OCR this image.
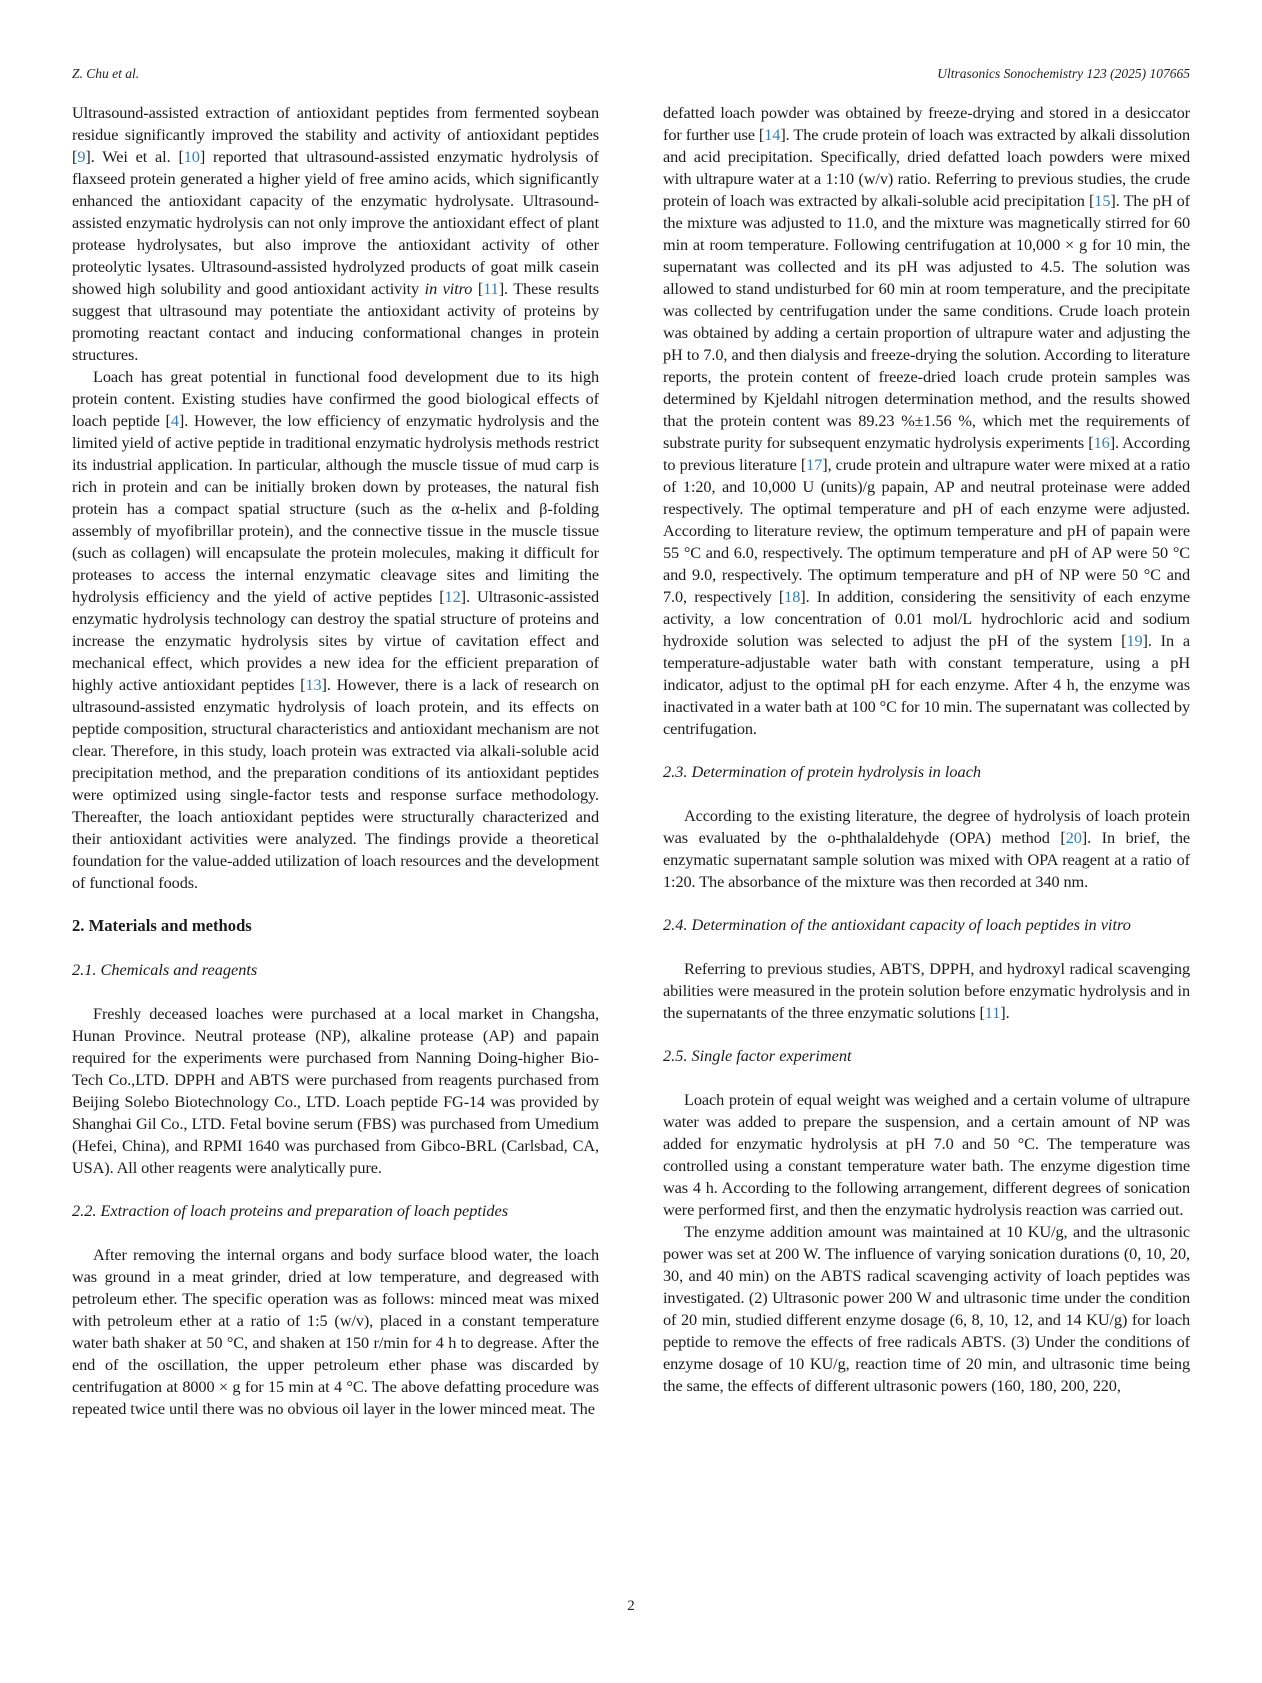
Z. Chu et al.	Ultrasonics Sonochemistry 123 (2025) 107665

Ultrasound-assisted extraction of antioxidant peptides from fermented soybean residue significantly improved the stability and activity of antioxidant peptides [9]. Wei et al. [10] reported that ultrasound-assisted enzymatic hydrolysis of flaxseed protein generated a higher yield of free amino acids, which significantly enhanced the antioxidant capacity of the enzymatic hydrolysate. Ultrasound-assisted enzymatic hydrolysis can not only improve the antioxidant effect of plant protease hydrolysates, but also improve the antioxidant activity of other proteolytic lysates. Ultrasound-assisted hydrolyzed products of goat milk casein showed high solubility and good antioxidant activity in vitro [11]. These results suggest that ultrasound may potentiate the antioxidant activity of proteins by promoting reactant contact and inducing conformational changes in protein structures.

Loach has great potential in functional food development due to its high protein content. Existing studies have confirmed the good biological effects of loach peptide [4]. However, the low efficiency of enzymatic hydrolysis and the limited yield of active peptide in traditional enzymatic hydrolysis methods restrict its industrial application. In particular, although the muscle tissue of mud carp is rich in protein and can be initially broken down by proteases, the natural fish protein has a compact spatial structure (such as the α-helix and β-folding assembly of myofibrillar protein), and the connective tissue in the muscle tissue (such as collagen) will encapsulate the protein molecules, making it difficult for proteases to access the internal enzymatic cleavage sites and limiting the hydrolysis efficiency and the yield of active peptides [12]. Ultrasonic-assisted enzymatic hydrolysis technology can destroy the spatial structure of proteins and increase the enzymatic hydrolysis sites by virtue of cavitation effect and mechanical effect, which provides a new idea for the efficient preparation of highly active antioxidant peptides [13]. However, there is a lack of research on ultrasound-assisted enzymatic hydrolysis of loach protein, and its effects on peptide composition, structural characteristics and antioxidant mechanism are not clear. Therefore, in this study, loach protein was extracted via alkali-soluble acid precipitation method, and the preparation conditions of its antioxidant peptides were optimized using single-factor tests and response surface methodology. Thereafter, the loach antioxidant peptides were structurally characterized and their antioxidant activities were analyzed. The findings provide a theoretical foundation for the value-added utilization of loach resources and the development of functional foods.

2. Materials and methods
2.1. Chemicals and reagents

Freshly deceased loaches were purchased at a local market in Changsha, Hunan Province. Neutral protease (NP), alkaline protease (AP) and papain required for the experiments were purchased from Nanning Doing-higher Bio-Tech Co.,LTD. DPPH and ABTS were purchased from reagents purchased from Beijing Solebo Biotechnology Co., LTD. Loach peptide FG-14 was provided by Shanghai Gil Co., LTD. Fetal bovine serum (FBS) was purchased from Umedium (Hefei, China), and RPMI 1640 was purchased from Gibco-BRL (Carlsbad, CA, USA). All other reagents were analytically pure.

2.2. Extraction of loach proteins and preparation of loach peptides

After removing the internal organs and body surface blood water, the loach was ground in a meat grinder, dried at low temperature, and degreased with petroleum ether. The specific operation was as follows: minced meat was mixed with petroleum ether at a ratio of 1:5 (w/v), placed in a constant temperature water bath shaker at 50 °C, and shaken at 150 r/min for 4 h to degrease. After the end of the oscillation, the upper petroleum ether phase was discarded by centrifugation at 8000 × g for 15 min at 4 °C. The above defatting procedure was repeated twice until there was no obvious oil layer in the lower minced meat. The

defatted loach powder was obtained by freeze-drying and stored in a desiccator for further use [14]. The crude protein of loach was extracted by alkali dissolution and acid precipitation. Specifically, dried defatted loach powders were mixed with ultrapure water at a 1:10 (w/v) ratio. Referring to previous studies, the crude protein of loach was extracted by alkali-soluble acid precipitation [15]. The pH of the mixture was adjusted to 11.0, and the mixture was magnetically stirred for 60 min at room temperature. Following centrifugation at 10,000 × g for 10 min, the supernatant was collected and its pH was adjusted to 4.5. The solution was allowed to stand undisturbed for 60 min at room temperature, and the precipitate was collected by centrifugation under the same conditions. Crude loach protein was obtained by adding a certain proportion of ultrapure water and adjusting the pH to 7.0, and then dialysis and freeze-drying the solution. According to literature reports, the protein content of freeze-dried loach crude protein samples was determined by Kjeldahl nitrogen determination method, and the results showed that the protein content was 89.23 %±1.56 %, which met the requirements of substrate purity for subsequent enzymatic hydrolysis experiments [16]. According to previous literature [17], crude protein and ultrapure water were mixed at a ratio of 1:20, and 10,000 U (units)/g papain, AP and neutral proteinase were added respectively. The optimal temperature and pH of each enzyme were adjusted. According to literature review, the optimum temperature and pH of papain were 55 °C and 6.0, respectively. The optimum temperature and pH of AP were 50 °C and 9.0, respectively. The optimum temperature and pH of NP were 50 °C and 7.0, respectively [18]. In addition, considering the sensitivity of each enzyme activity, a low concentration of 0.01 mol/L hydrochloric acid and sodium hydroxide solution was selected to adjust the pH of the system [19]. In a temperature-adjustable water bath with constant temperature, using a pH indicator, adjust to the optimal pH for each enzyme. After 4 h, the enzyme was inactivated in a water bath at 100 °C for 10 min. The supernatant was collected by centrifugation.

2.3. Determination of protein hydrolysis in loach

According to the existing literature, the degree of hydrolysis of loach protein was evaluated by the o-phthalaldehyde (OPA) method [20]. In brief, the enzymatic supernatant sample solution was mixed with OPA reagent at a ratio of 1:20. The absorbance of the mixture was then recorded at 340 nm.

2.4. Determination of the antioxidant capacity of loach peptides in vitro

Referring to previous studies, ABTS, DPPH, and hydroxyl radical scavenging abilities were measured in the protein solution before enzymatic hydrolysis and in the supernatants of the three enzymatic solutions [11].

2.5. Single factor experiment

Loach protein of equal weight was weighed and a certain volume of ultrapure water was added to prepare the suspension, and a certain amount of NP was added for enzymatic hydrolysis at pH 7.0 and 50 °C. The temperature was controlled using a constant temperature water bath. The enzyme digestion time was 4 h. According to the following arrangement, different degrees of sonication were performed first, and then the enzymatic hydrolysis reaction was carried out.

The enzyme addition amount was maintained at 10 KU/g, and the ultrasonic power was set at 200 W. The influence of varying sonication durations (0, 10, 20, 30, and 40 min) on the ABTS radical scavenging activity of loach peptides was investigated. (2) Ultrasonic power 200 W and ultrasonic time under the condition of 20 min, studied different enzyme dosage (6, 8, 10, 12, and 14 KU/g) for loach peptide to remove the effects of free radicals ABTS. (3) Under the conditions of enzyme dosage of 10 KU/g, reaction time of 20 min, and ultrasonic time being the same, the effects of different ultrasonic powers (160, 180, 200, 220,

2
